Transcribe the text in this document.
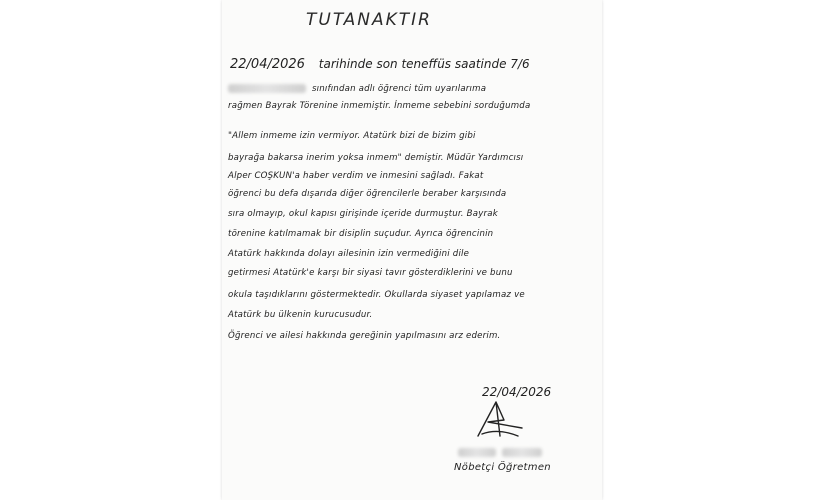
TUTANAKTIR
22/04/2026 tarihinde son teneffüs saatinde 7/6
sınıfından adlı öğrenci tüm uyarılarıma
rağmen Bayrak Törenine inmemiştir. İnmeme sebebini sorduğumda
"Allem inmeme izin vermiyor. Atatürk bizi de bizim gibi
bayrağa bakarsa inerim yoksa inmem" demiştir. Müdür Yardımcısı
Alper COŞKUN'a haber verdim ve inmesini sağladı. Fakat
öğrenci bu defa dışarıda diğer öğrencilerle beraber karşısında
sıra olmayıp, okul kapısı girişinde içeride durmuştur. Bayrak
törenine katılmamak bir disiplin suçudur. Ayrıca öğrencinin
Atatürk hakkında dolayı ailesinin izin vermediğini dile
getirmesi Atatürk'e karşı bir siyasi tavır gösterdiklerini ve bunu
okula taşıdıklarını göstermektedir. Okullarda siyaset yapılamaz ve
Atatürk bu ülkenin kurucusudur.
Öğrenci ve ailesi hakkında gereğinin yapılmasını arz ederim.
22/04/2026
Nöbetçi Öğretmen
